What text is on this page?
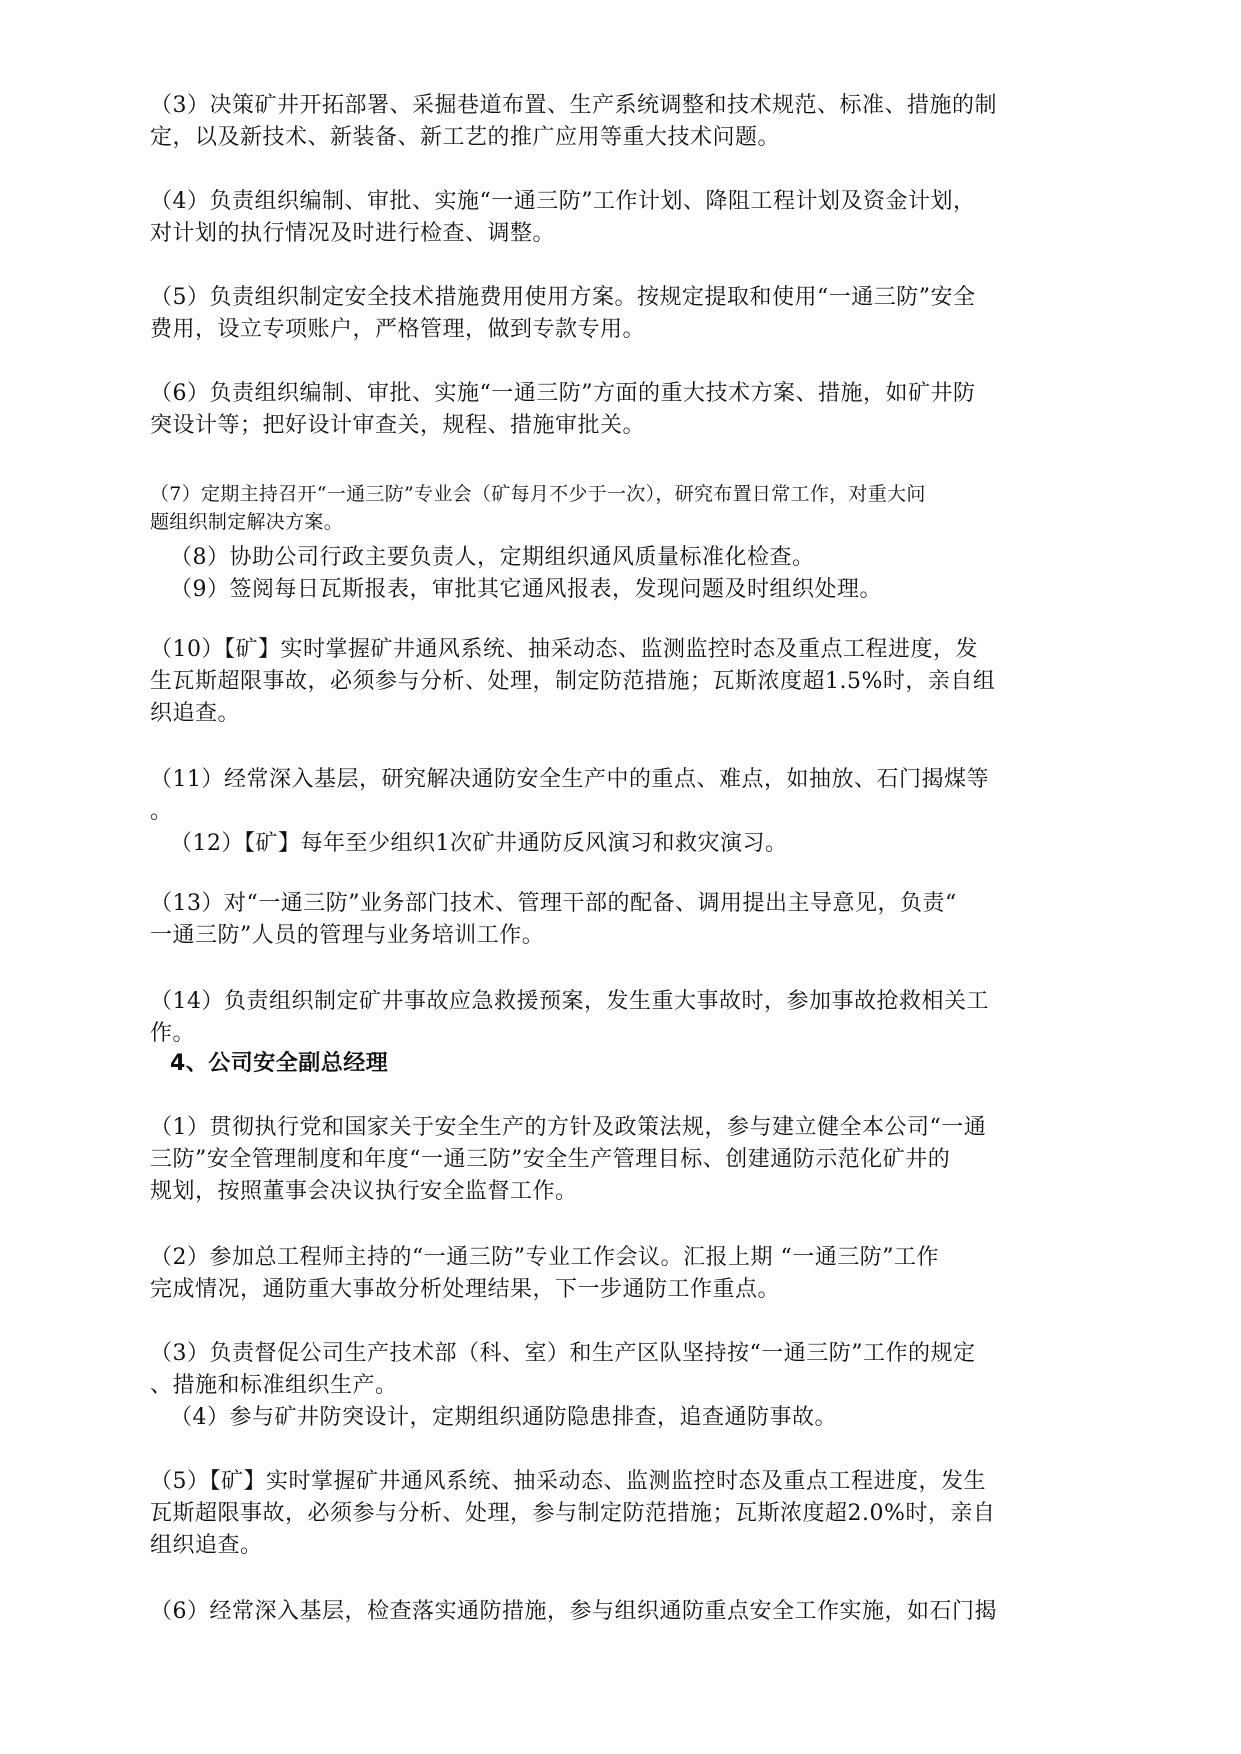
（3）决策矿井开拓部署、采掘巷道布置、生产系统调整和技术规范、标准、措施的制
定，以及新技术、新装备、新工艺的推广应用等重大技术问题。

（4）负责组织编制、审批、实施“一通三防”工作计划、降阻工程计划及资金计划，
对计划的执行情况及时进行检查、调整。

（5）负责组织制定安全技术措施费用使用方案。按规定提取和使用“一通三防”安全
费用，设立专项账户，严格管理，做到专款专用。

（6）负责组织编制、审批、实施“一通三防”方面的重大技术方案、措施，如矿井防
突设计等；把好设计审查关，规程、措施审批关。

（7）定期主持召开“一通三防”专业会（矿每月不少于一次），研究布置日常工作，对重大问
题组织制定解决方案。

（8）协助公司行政主要负责人，定期组织通风质量标准化检查。

（9）签阅每日瓦斯报表，审批其它通风报表，发现问题及时组织处理。

（10）【矿】实时掌握矿井通风系统、抽采动态、监测监控时态及重点工程进度，发
生瓦斯超限事故，必须参与分析、处理，制定防范措施；瓦斯浓度超1.5%时，亲自组
织追查。

（11）经常深入基层，研究解决通防安全生产中的重点、难点，如抽放、石门揭煤等
。

（12）【矿】每年至少组织1次矿井通防反风演习和救灾演习。

（13）对“一通三防”业务部门技术、管理干部的配备、调用提出主导意见，负责“
一通三防”人员的管理与业务培训工作。

（14）负责组织制定矿井事故应急救援预案，发生重大事故时，参加事故抢救相关工
作。

4、公司安全副总经理

（1）贯彻执行党和国家关于安全生产的方针及政策法规，参与建立健全本公司“一通
三防”安全管理制度和年度“一通三防”安全生产管理目标、创建通防示范化矿井的
规划，按照董事会决议执行安全监督工作。

（2）参加总工程师主持的“一通三防”专业工作会议。汇报上期 “一通三防”工作
完成情况，通防重大事故分析处理结果，下一步通防工作重点。

（3）负责督促公司生产技术部（科、室）和生产区队坚持按“一通三防”工作的规定
、措施和标准组织生产。

（4）参与矿井防突设计，定期组织通防隐患排查，追查通防事故。

（5）【矿】实时掌握矿井通风系统、抽采动态、监测监控时态及重点工程进度，发生
瓦斯超限事故，必须参与分析、处理，参与制定防范措施；瓦斯浓度超2.0%时，亲自
组织追查。

（6）经常深入基层，检查落实通防措施，参与组织通防重点安全工作实施，如石门揭
